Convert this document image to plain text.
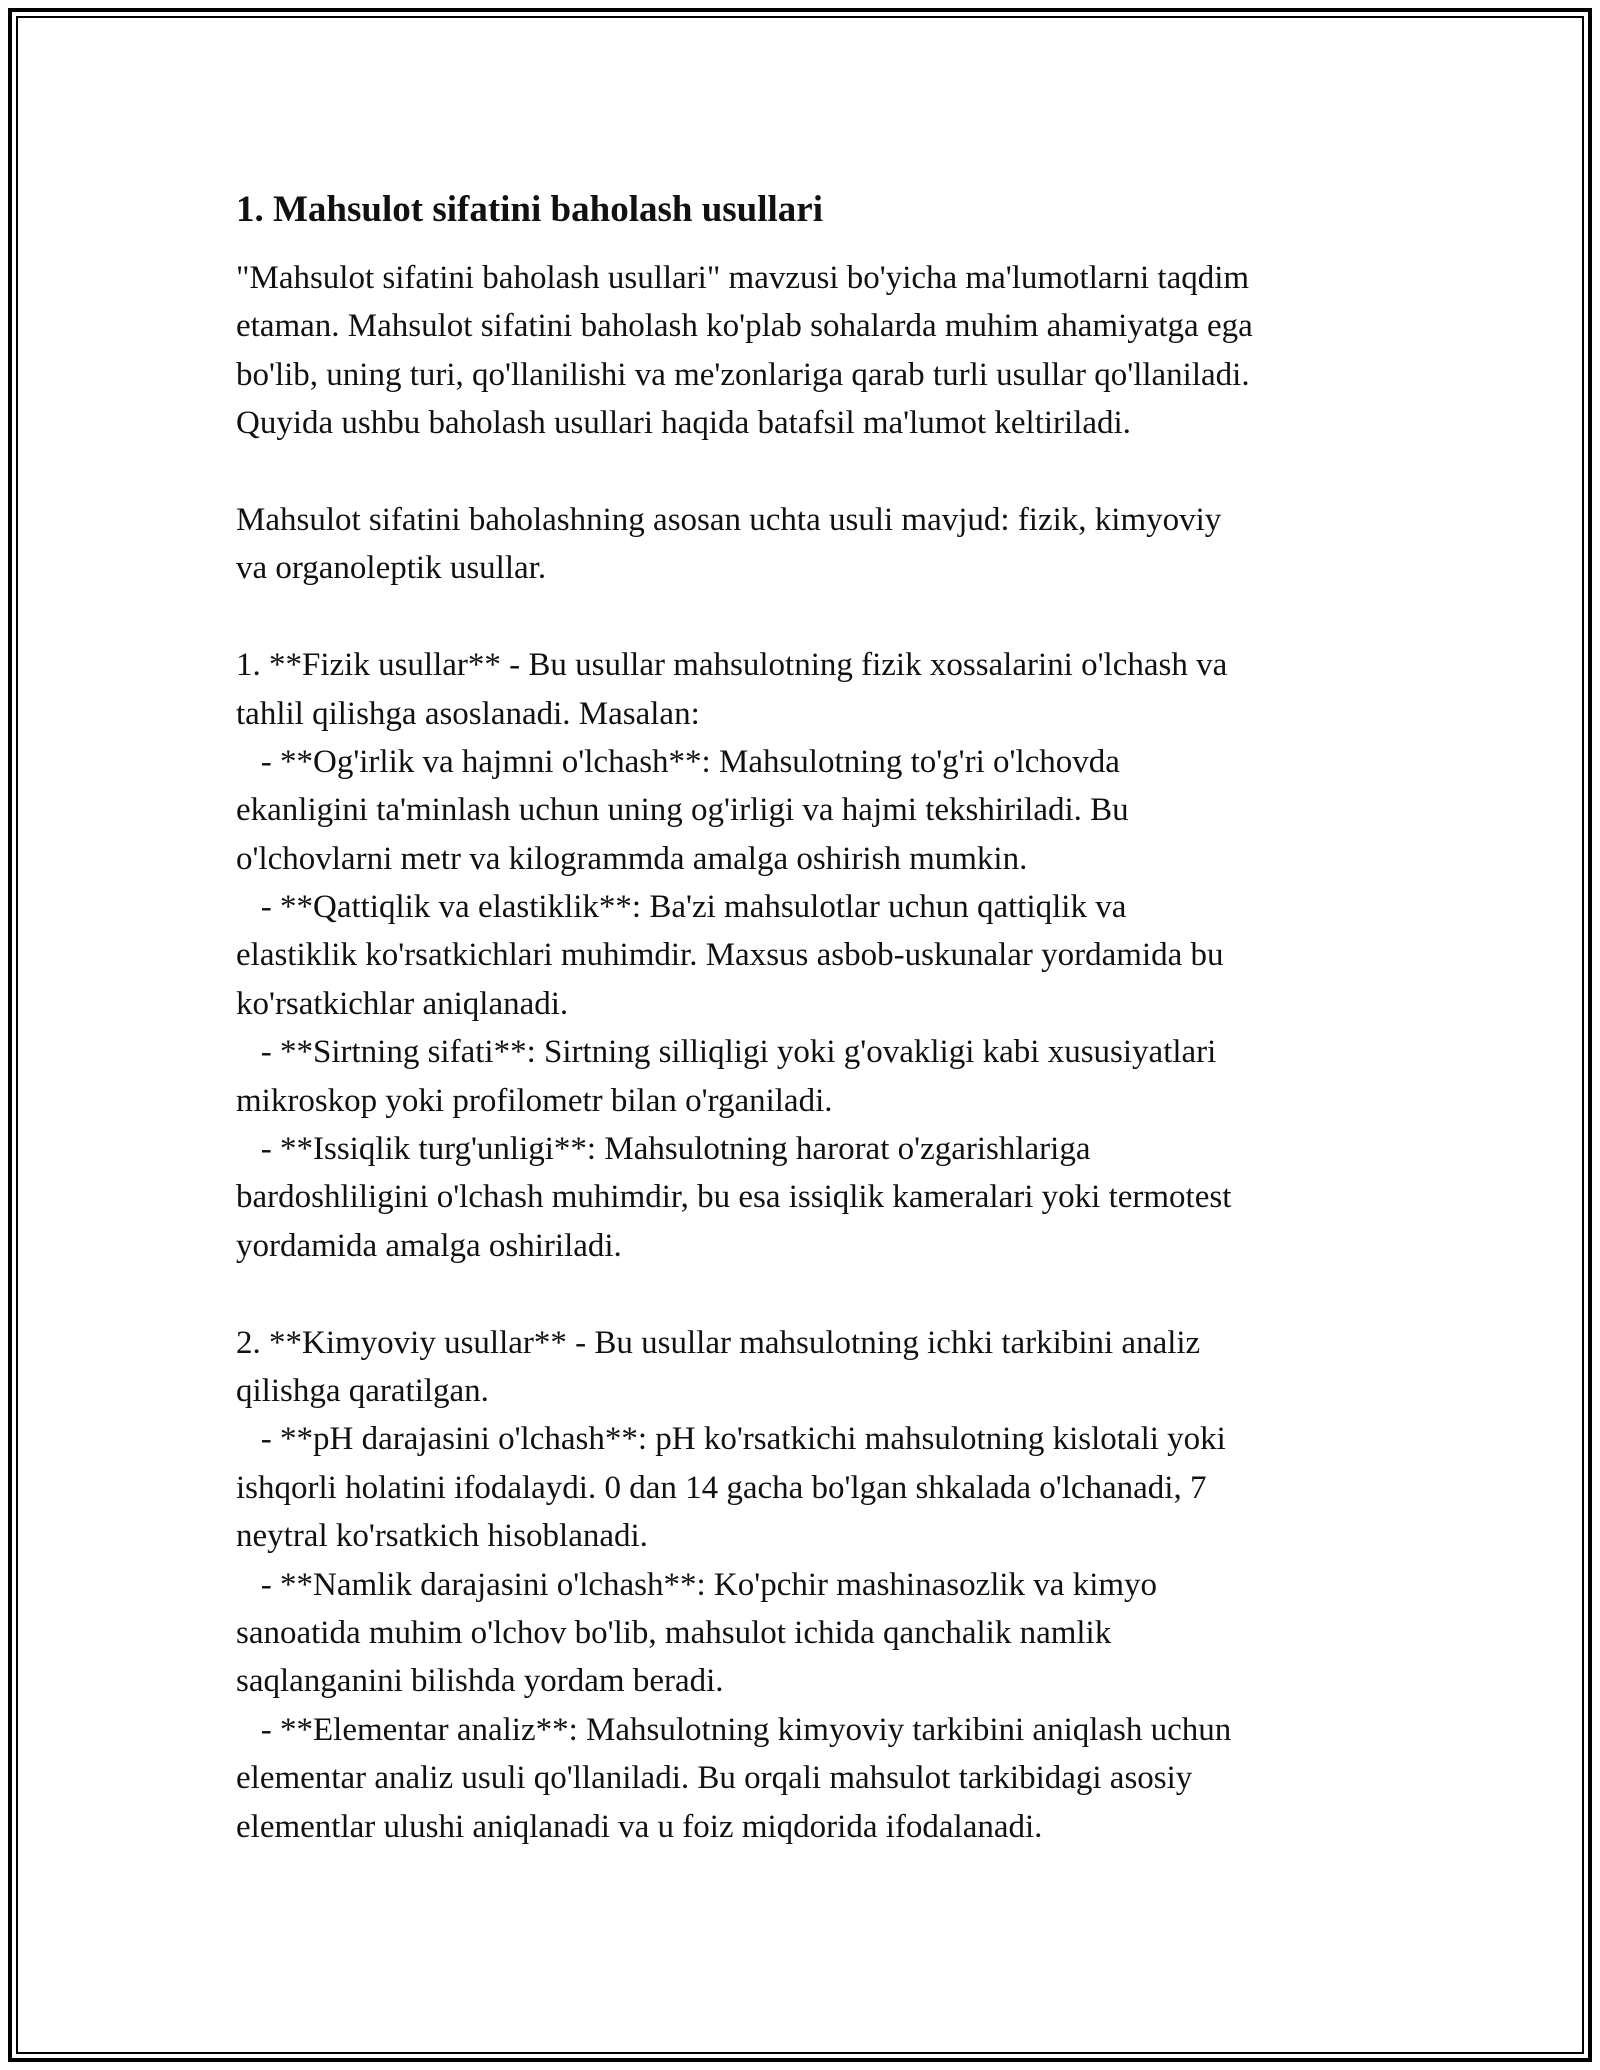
1. Mahsulot sifatini baholash usullari
"Mahsulot sifatini baholash usullari" mavzusi bo'yicha ma'lumotlarni taqdim
etaman. Mahsulot sifatini baholash ko'plab sohalarda muhim ahamiyatga ega
bo'lib, uning turi, qo'llanilishi va me'zonlariga qarab turli usullar qo'llaniladi.
Quyida ushbu baholash usullari haqida batafsil ma'lumot keltiriladi.
Mahsulot sifatini baholashning asosan uchta usuli mavjud: fizik, kimyoviy
va organoleptik usullar.
1. **Fizik usullar** - Bu usullar mahsulotning fizik xossalarini o'lchash va
tahlil qilishga asoslanadi. Masalan:
- **Og'irlik va hajmni o'lchash**: Mahsulotning to'g'ri o'lchovda
ekanligini ta'minlash uchun uning og'irligi va hajmi tekshiriladi. Bu
o'lchovlarni metr va kilogrammda amalga oshirish mumkin.
- **Qattiqlik va elastiklik**: Ba'zi mahsulotlar uchun qattiqlik va
elastiklik ko'rsatkichlari muhimdir. Maxsus asbob-uskunalar yordamida bu
ko'rsatkichlar aniqlanadi.
- **Sirtning sifati**: Sirtning silliqligi yoki g'ovakligi kabi xususiyatlari
mikroskop yoki profilometr bilan o'rganiladi.
- **Issiqlik turg'unligi**: Mahsulotning harorat o'zgarishlariga
bardoshliligini o'lchash muhimdir, bu esa issiqlik kameralari yoki termotest
yordamida amalga oshiriladi.
2. **Kimyoviy usullar** - Bu usullar mahsulotning ichki tarkibini analiz
qilishga qaratilgan.
- **pH darajasini o'lchash**: pH ko'rsatkichi mahsulotning kislotali yoki
ishqorli holatini ifodalaydi. 0 dan 14 gacha bo'lgan shkalada o'lchanadi, 7
neytral ko'rsatkich hisoblanadi.
- **Namlik darajasini o'lchash**: Ko'pchir mashinasozlik va kimyo
sanoatida muhim o'lchov bo'lib, mahsulot ichida qanchalik namlik
saqlanganini bilishda yordam beradi.
- **Elementar analiz**: Mahsulotning kimyoviy tarkibini aniqlash uchun
elementar analiz usuli qo'llaniladi. Bu orqali mahsulot tarkibidagi asosiy
elementlar ulushi aniqlanadi va u foiz miqdorida ifodalanadi.
